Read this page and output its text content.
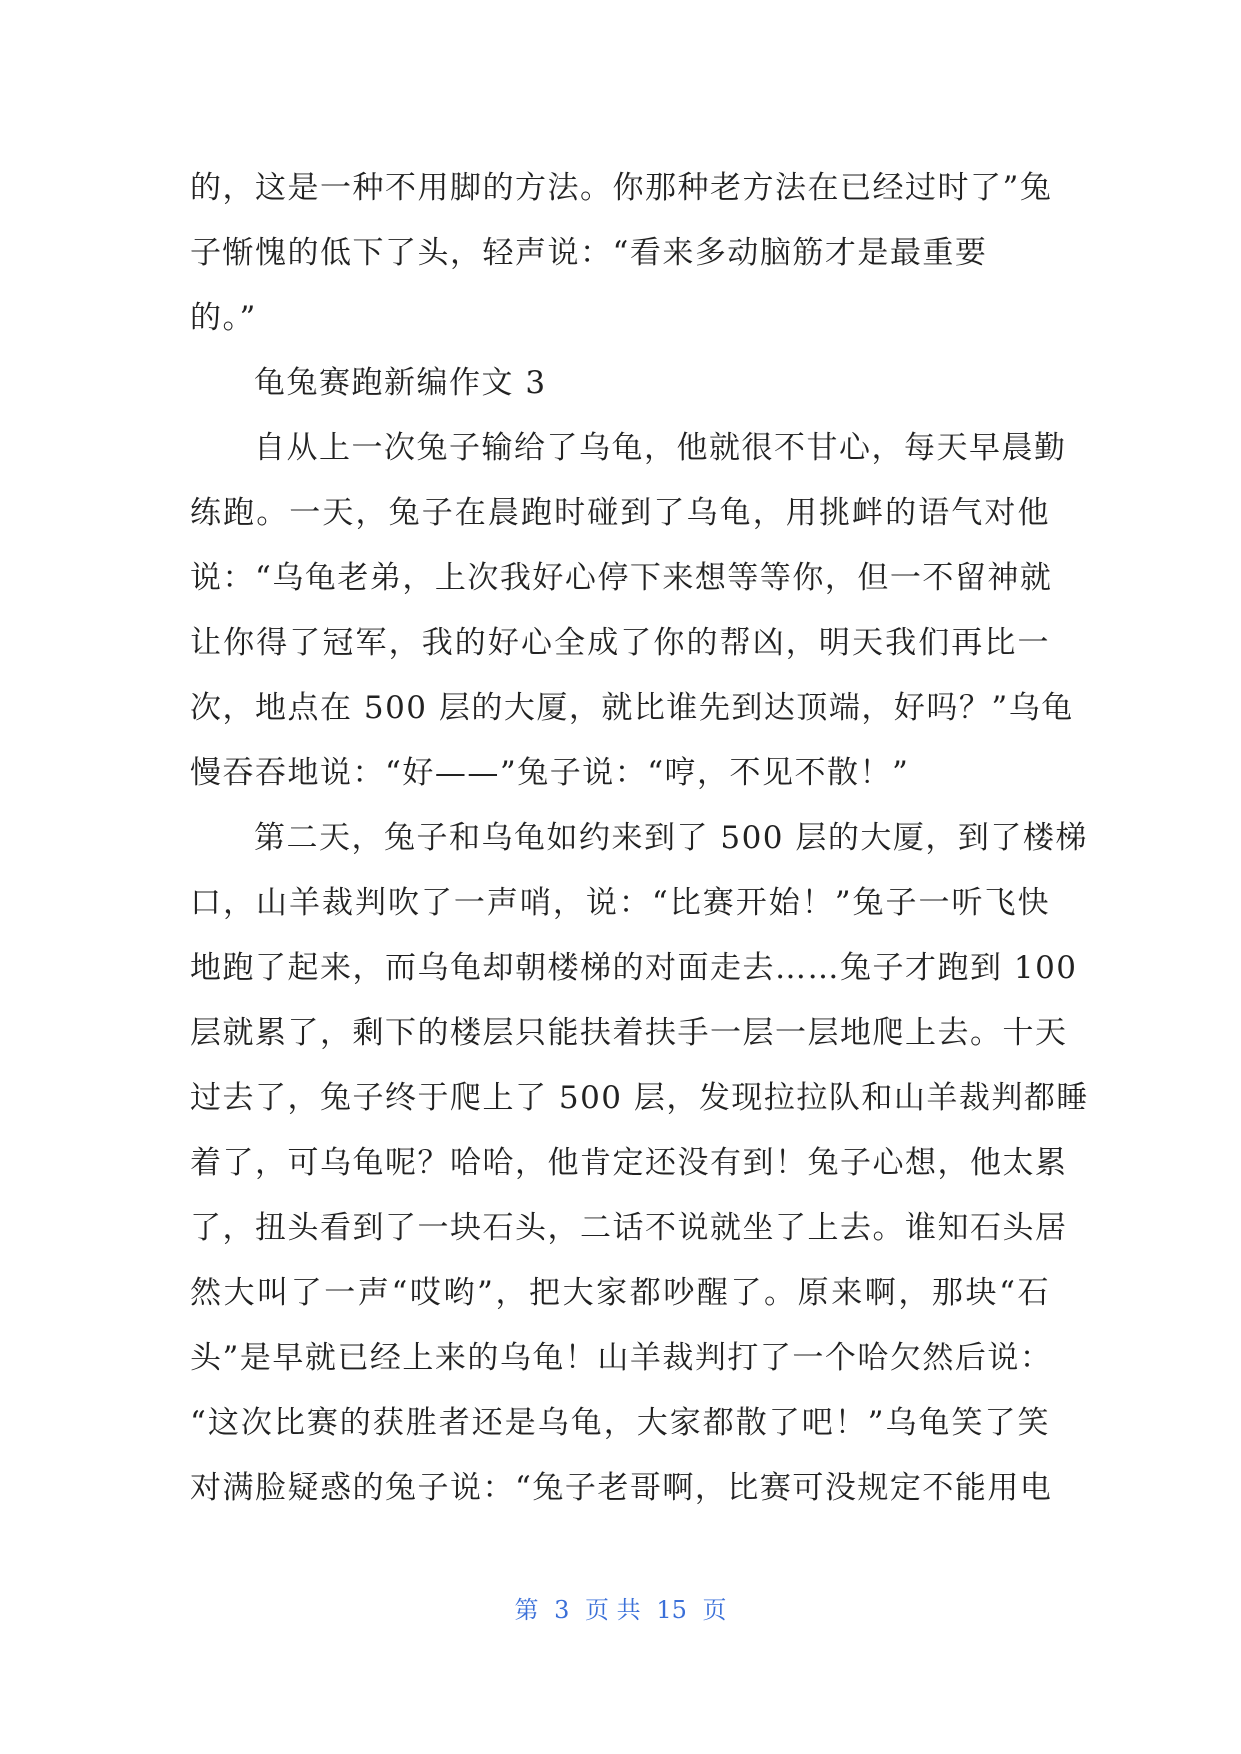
的，这是一种不用脚的方法。你那种老方法在已经过时了”兔
子惭愧的低下了头，轻声说：“看来多动脑筋才是最重要
的。”
龟兔赛跑新编作文 3
自从上一次兔子输给了乌龟，他就很不甘心，每天早晨勤
练跑。一天，兔子在晨跑时碰到了乌龟，用挑衅的语气对他
说：“乌龟老弟，上次我好心停下来想等等你，但一不留神就
让你得了冠军，我的好心全成了你的帮凶，明天我们再比一
次，地点在 500 层的大厦，就比谁先到达顶端，好吗？”乌龟
慢吞吞地说：“好——”兔子说：“哼，不见不散！”
第二天，兔子和乌龟如约来到了 500 层的大厦，到了楼梯
口，山羊裁判吹了一声哨，说：“比赛开始！”兔子一听飞快
地跑了起来，而乌龟却朝楼梯的对面走去……兔子才跑到 100
层就累了，剩下的楼层只能扶着扶手一层一层地爬上去。十天
过去了，兔子终于爬上了 500 层，发现拉拉队和山羊裁判都睡
着了，可乌龟呢？哈哈，他肯定还没有到！兔子心想，他太累
了，扭头看到了一块石头，二话不说就坐了上去。谁知石头居
然大叫了一声“哎哟”，把大家都吵醒了。原来啊，那块“石
头”是早就已经上来的乌龟！山羊裁判打了一个哈欠然后说：
“这次比赛的获胜者还是乌龟，大家都散了吧！”乌龟笑了笑
对满脸疑惑的兔子说：“兔子老哥啊，比赛可没规定不能用电
第 3 页 共 15 页
